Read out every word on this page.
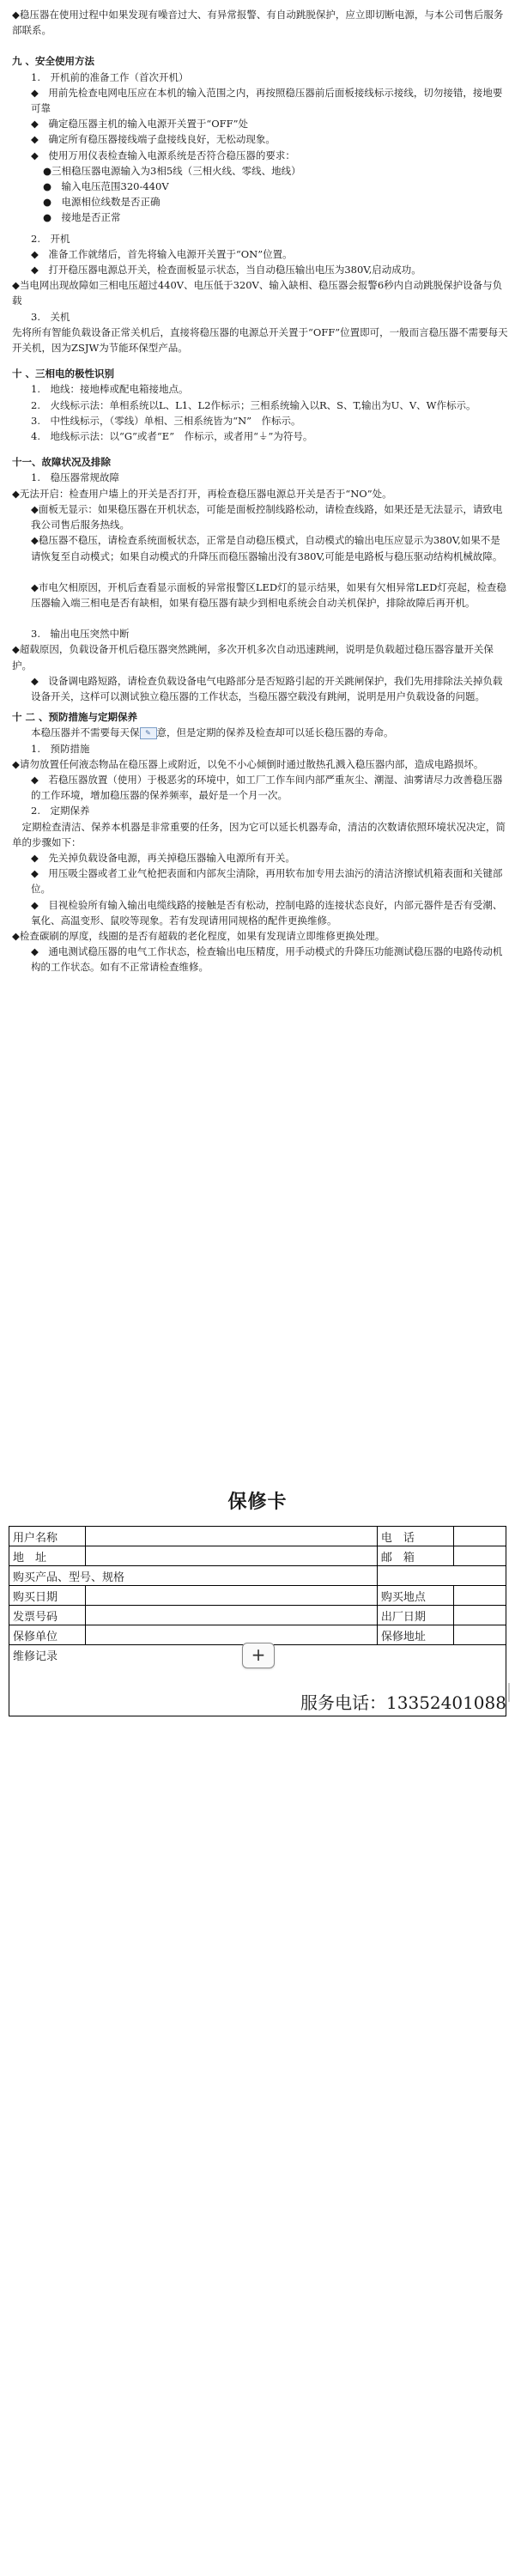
◆稳压器在使用过程中如果发现有噪音过大、有异常报警、有自动跳脱保护，应立即切断电源，与本公司售后服务部联系。

九 、安全使用方法

1.　开机前的准备工作（首次开机）

◆　用前先检查电网电压应在本机的输入范围之内，再按照稳压器前后面板接线标示接线，切勿接错，接地要可靠

◆　确定稳压器主机的输入电源开关置于“OFF”处

◆　确定所有稳压器接线端子盘接线良好，无松动现象。

◆　使用万用仪表检查输入电源系统是否符合稳压器的要求：

●三相稳压器电源输入为3相5线（三相火线、零线、地线）

●　输入电压范围320-440V

●　电源相位线数是否正确

●　接地是否正常

2.　开机

◆　准备工作就绪后，首先将输入电源开关置于“ON”位置。

◆　打开稳压器电源总开关，检查面板显示状态，当自动稳压输出电压为380V,启动成功。

◆当电网出现故障如三相电压超过440V、电压低于320V、输入缺相、稳压器会报警6秒内自动跳脱保护设备与负载

3.　关机

先将所有智能负载设备正常关机后，直接将稳压器的电源总开关置于“OFF”位置即可，一般而言稳压器不需要每天开关机，因为ZSJW为节能环保型产品。

十 、三相电的极性识别

1.　地线：接地棒或配电箱接地点。

2.　火线标示法：单相系统以L、L1、L2作标示；三相系统输入以R、S、T,输出为U、V、W作标示。

3.　中性线标示，（零线）单相、三相系统皆为“N”　作标示。

4.　地线标示法：以“G”或者“E”　作标示，或者用“⏚”为符号。

十一、故障状况及排除

1.　稳压器常规故障

◆无法开启：检查用户墙上的开关是否打开，再检查稳压器电源总开关是否于“NO”处。

◆面板无显示：如果稳压器在开机状态，可能是面板控制线路松动，请检查线路，如果还是无法显示，请致电我公司售后服务热线。

◆稳压器不稳压，请检查系统面板状态，正常是自动稳压模式，自动模式的输出电压应显示为380V,如果不是请恢复至自动模式；如果自动模式的升降压而稳压器输出没有380V,可能是电路板与稳压驱动结构机械故障。

◆市电欠相原因，开机后查看显示面板的异常报警区LED灯的显示结果，如果有欠相异常LED灯亮起，检查稳压器输入端三相电是否有缺相，如果有稳压器有缺少到相电系统会自动关机保护，排除故障后再开机。

3.　输出电压突然中断

◆超载原因，负载设备开机后稳压器突然跳闸，多次开机多次自动迅速跳闸，说明是负载超过稳压器容量开关保护。

◆　设备调电路短路，请检查负载设备电气电路部分是否短路引起的开关跳闸保护，我们先用排除法关掉负载设备开关，这样可以测试独立稳压器的工作状态，当稳压器空载没有跳闸，说明是用户负载设备的问题。

十 二 、预防措施与定期保养

本稳压器并不需要每天保 ✎ 意，但是定期的保养及检查却可以延长稳压器的寿命。

1.　预防措施

◆请勿放置任何液态物品在稳压器上或附近，以免不小心倾倒时通过散热孔溅入稳压器内部，造成电路损坏。

◆　若稳压器放置（使用）于极恶劣的环境中，如工厂工作车间内部严重灰尘、潮湿、油雾请尽力改善稳压器的工作环境，增加稳压器的保养频率，最好是一个月一次。

2.　定期保养

　定期检查清洁、保养本机器是非常重要的任务，因为它可以延长机器寿命，清洁的次数请依照环境状况决定，简单的步骤如下：

◆　先关掉负载设备电源，再关掉稳压器输入电源所有开关。

◆　用压吸尘器或者工业气枪把表面和内部灰尘清除，再用软布加专用去油污的清洁济擦试机箱表面和关键部位。

◆　目视检验所有输入输出电缆线路的接触是否有松动，控制电路的连接状态良好，内部元器件是否有受潮、氧化、高温变形、鼠咬等现象。若有发现请用同规格的配件更换维修。

◆检查碳刷的厚度，线圈的是否有超载的老化程度，如果有发现请立即维修更换处理。

◆　通电测试稳压器的电气工作状态，检查输出电压精度，用手动模式的升降压功能测试稳压器的电路传动机构的工作状态。如有不正常请检查维修。

保修卡
用户名称		电　话	
地　址		邮　箱	
购买产品、型号、规格			
购买日期		购买地点	
发票号码		出厂日期	
保修单位		保修地址	
维修记录				+
服务电话：13352401088
